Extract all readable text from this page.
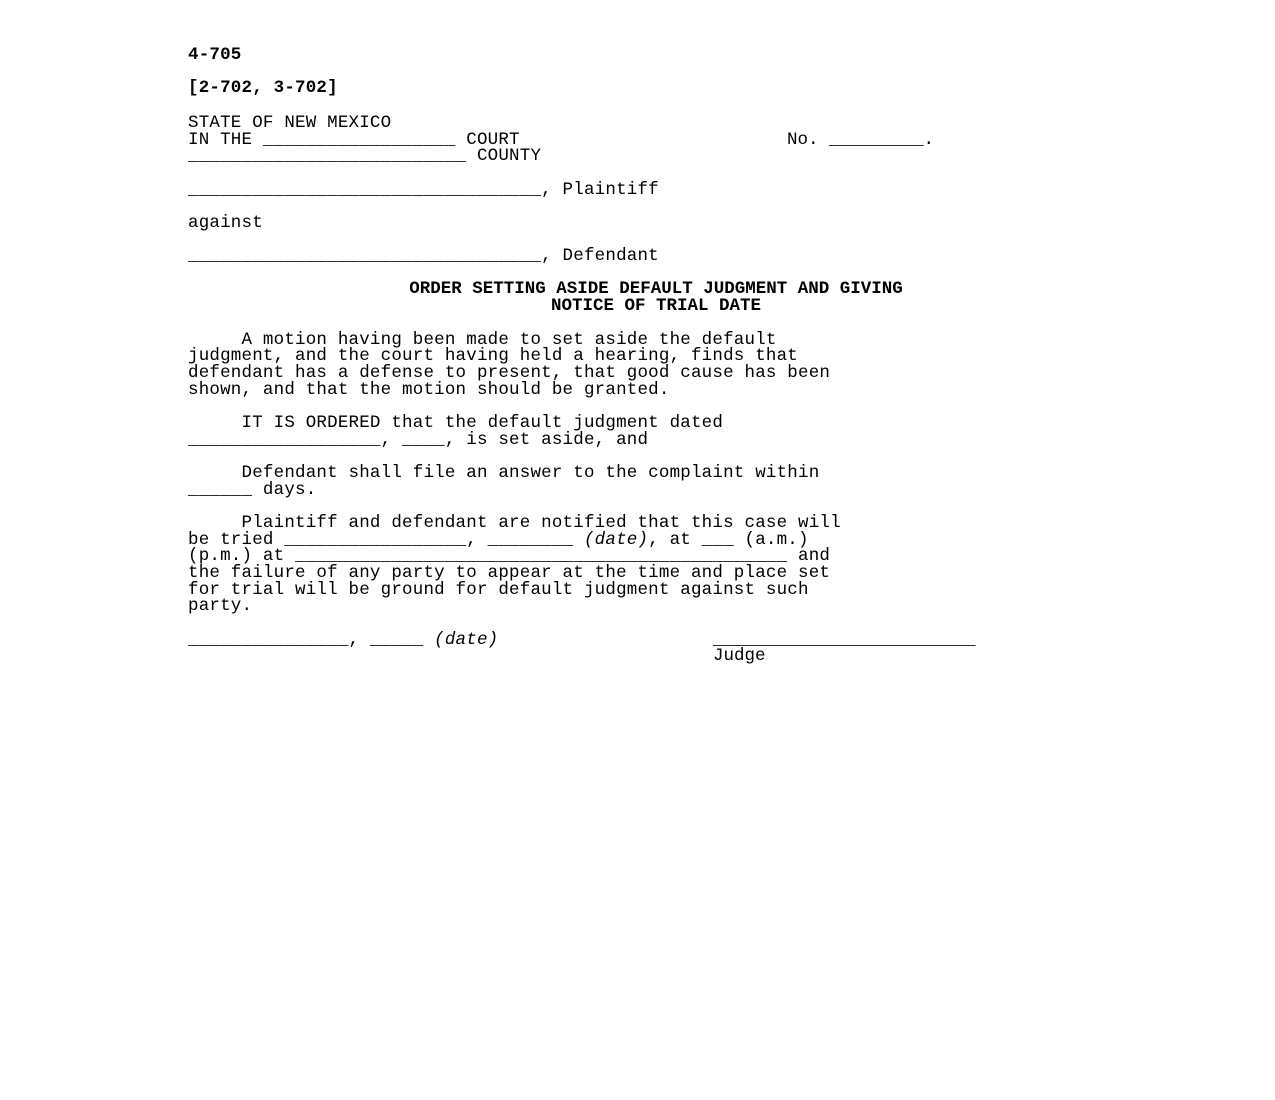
4-705
[2-702, 3-702]
STATE OF NEW MEXICO
IN THE __________________ COURT	No. _________.
__________________________ COUNTY
_________________________________, Plaintiff
against
_________________________________, Defendant
ORDER SETTING ASIDE DEFAULT JUDGMENT AND GIVING
NOTICE OF TRIAL DATE
A motion having been made to set aside the default
judgment, and the court having held a hearing, finds that
defendant has a defense to present, that good cause has been
shown, and that the motion should be granted.
IT IS ORDERED that the default judgment dated
__________________, ____, is set aside, and
Defendant shall file an answer to the complaint within
______ days.
Plaintiff and defendant are notified that this case will
be tried _________________, ________ (date), at ___ (a.m.)
(p.m.) at ______________________________________________ and
the failure of any party to appear at the time and place set
for trial will be ground for default judgment against such
party.
_______________, _____ (date)	_________________________
Judge
